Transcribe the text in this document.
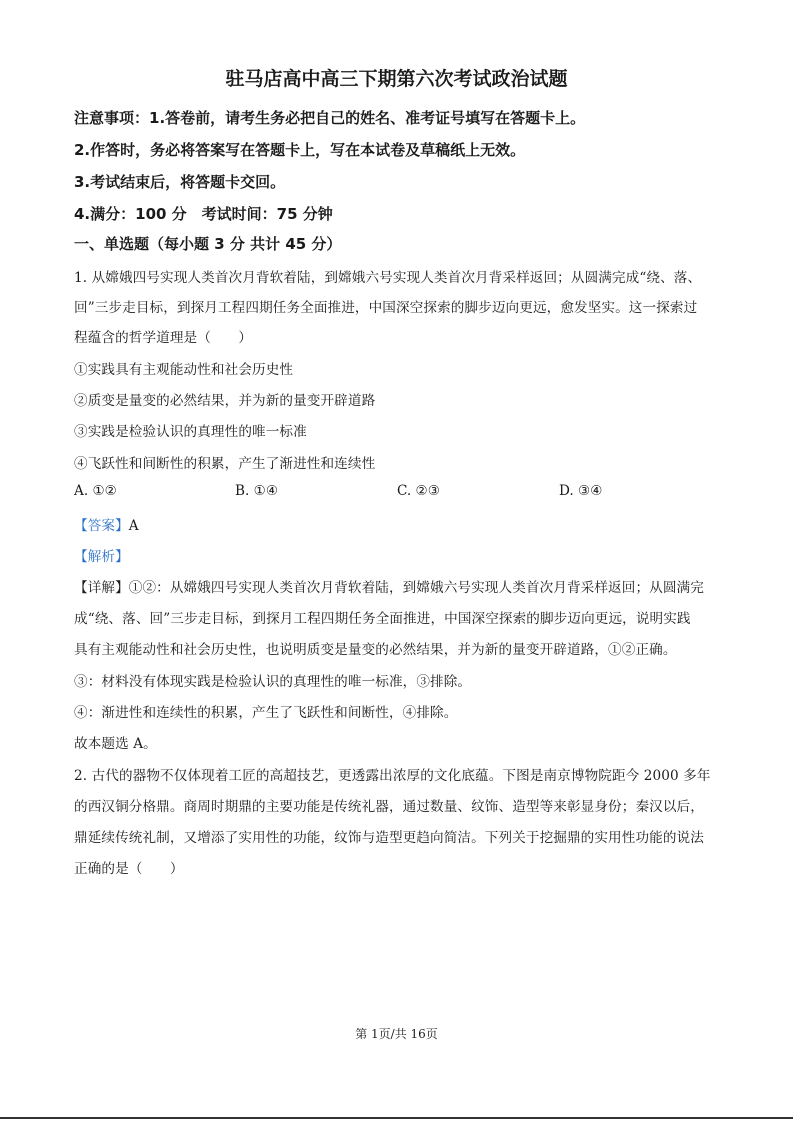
驻马店高中高三下期第六次考试政治试题
注意事项：1.答卷前，请考生务必把自己的姓名、准考证号填写在答题卡上。
2.作答时，务必将答案写在答题卡上，写在本试卷及草稿纸上无效。
3.考试结束后，将答题卡交回。
4.满分：100 分　考试时间：75 分钟
一、单选题（每小题 3 分 共计 45 分）
1. 从嫦娥四号实现人类首次月背软着陆，到嫦娥六号实现人类首次月背采样返回；从圆满完成“绕、落、
回”三步走目标，到探月工程四期任务全面推进，中国深空探索的脚步迈向更远，愈发坚实。这一探索过
程蕴含的哲学道理是（　　）
①实践具有主观能动性和社会历史性
②质变是量变的必然结果，并为新的量变开辟道路
③实践是检验认识的真理性的唯一标准
④飞跃性和间断性的积累，产生了渐进性和连续性
A. ①②	B. ①④	C. ②③	D. ③④
【答案】A
【解析】
【详解】①②：从嫦娥四号实现人类首次月背软着陆，到嫦娥六号实现人类首次月背采样返回；从圆满完
成“绕、落、回”三步走目标，到探月工程四期任务全面推进，中国深空探索的脚步迈向更远，说明实践
具有主观能动性和社会历史性，也说明质变是量变的必然结果，并为新的量变开辟道路，①②正确。
③：材料没有体现实践是检验认识的真理性的唯一标准，③排除。
④：渐进性和连续性的积累，产生了飞跃性和间断性，④排除。
故本题选 A。
2. 古代的器物不仅体现着工匠的高超技艺，更透露出浓厚的文化底蕴。下图是南京博物院距今 2000 多年
的西汉铜分格鼎。商周时期鼎的主要功能是传统礼器，通过数量、纹饰、造型等来彰显身份；秦汉以后，
鼎延续传统礼制，又增添了实用性的功能，纹饰与造型更趋向简洁。下列关于挖掘鼎的实用性功能的说法
正确的是（　　）
第 1页/共 16页
